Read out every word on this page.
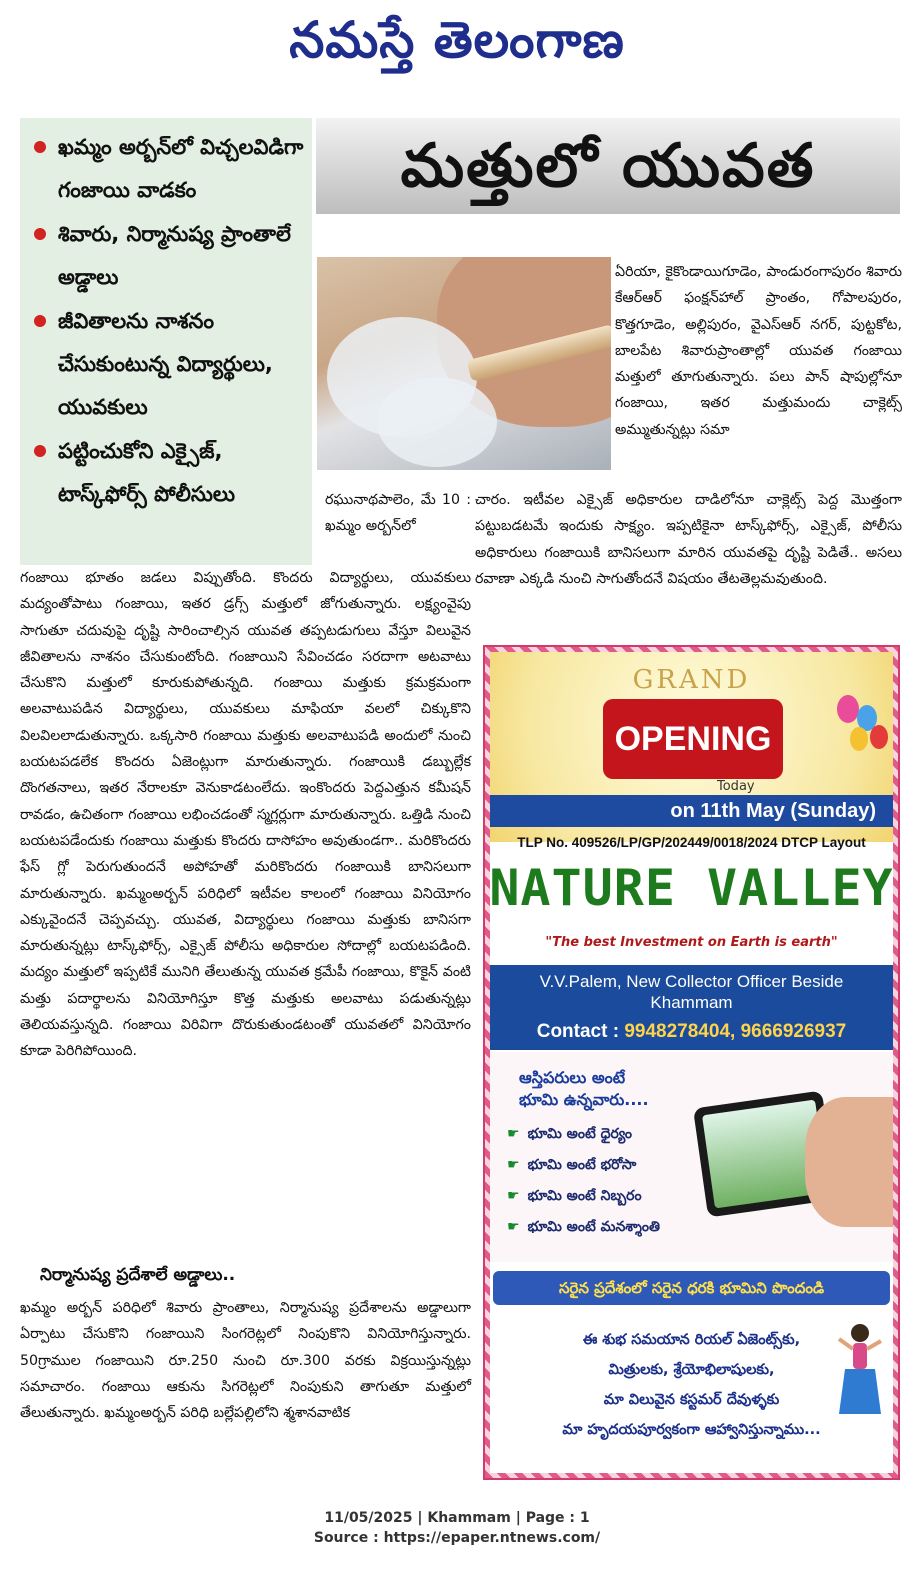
నమస్తే తెలంగాణ
ఖమ్మం అర్బన్‌లో విచ్చలవిడిగా గంజాయి వాడకం
శివారు, నిర్మానుష్య ప్రాంతాలే అడ్డాలు
జీవితాలను నాశనం చేసుకుంటున్న విద్యార్థులు, యువకులు
పట్టించుకోని ఎక్సైజ్, టాస్క్‌ఫోర్స్ పోలీసులు
మత్తులో యువత
ఏరియా, కైకొండాయిగూడెం, పాండురంగాపురం శివారు కేఆర్‌ఆర్ ఫంక్షన్‌హాల్ ప్రాంతం, గోపాలపురం, కొత్తగూడెం, అల్లిపురం, వైఎస్‌ఆర్ నగర్, పుట్టకోట, బాలపేట శివారుప్రాంతాల్లో యువత గంజాయి మత్తులో తూగుతున్నారు. పలు పాన్ షాపుల్లోనూ గంజాయి, ఇతర మత్తుమందు చాక్లెట్స్ అమ్ముతున్నట్లు సమా
రఘునాథపాలెం, మే 10 : ఖమ్మం అర్బన్‌లో
చారం. ఇటీవల ఎక్సైజ్ అధికారుల దాడిలోనూ చాక్లెట్స్ పెద్ద మొత్తంగా పట్టుబడటమే ఇందుకు సాక్ష్యం. ఇప్పటికైనా టాస్క్‌ఫోర్స్, ఎక్సైజ్, పోలీసు అధికారులు గంజాయికి బానిసలుగా మారిన యువతపై దృష్టి పెడితే.. అసలు రవాణా ఎక్కడి నుంచి సాగుతోందనే విషయం తేటతెల్లమవుతుంది.
గంజాయి భూతం జడలు విప్పుతోంది. కొందరు విద్యార్థులు, యువకులు మద్యంతోపాటు గంజాయి, ఇతర డ్రగ్స్ మత్తులో జోగుతున్నారు. లక్ష్యంవైపు సాగుతూ చదువుపై దృష్టి సారించాల్సిన యువత తప్పటడుగులు వేస్తూ విలువైన జీవితాలను నాశనం చేసుకుంటోంది. గంజాయిని సేవించడం సరదాగా అటవాటు చేసుకొని మత్తులో కూరుకుపోతున్నది. గంజాయి మత్తుకు క్రమక్రమంగా అలవాటుపడిన విద్యార్థులు, యువకులు మాఫియా వలలో చిక్కుకొని విలవిలలాడుతున్నారు. ఒక్కసారి గంజాయి మత్తుకు అలవాటుపడి అందులో నుంచి బయటపడలేక కొందరు ఏజెంట్లుగా మారుతున్నారు. గంజాయికి డబ్బుల్లేక దొంగతనాలు, ఇతర నేరాలకూ వెనుకాడటంలేదు. ఇంకొందరు పెద్దఎత్తున కమీషన్ రావడం, ఉచితంగా గంజాయి లభించడంతో స్మగ్లర్లుగా మారుతున్నారు. ఒత్తిడి నుంచి బయటపడేందుకు గంజాయి మత్తుకు కొందరు దాసోహం అవుతుండగా.. మరికొందరు ఫేస్ గ్లో పెరుగుతుందనే అపోహతో మరికొందరు గంజాయికి బానిసలుగా మారుతున్నారు. ఖమ్మంఅర్బన్ పరిధిలో ఇటీవల కాలంలో గంజాయి వినియోగం ఎక్కువైందనే చెప్పవచ్చు. యువత, విద్యార్థులు గంజాయి మత్తుకు బానిసగా మారుతున్నట్లు టాస్క్‌ఫోర్స్, ఎక్సైజ్ పోలీసు అధికారుల సోదాల్లో బయటపడింది. మద్యం మత్తులో ఇప్పటికే మునిగి తేలుతున్న యువత క్రమేపీ గంజాయి, కొకైన్ వంటి మత్తు పదార్థాలను వినియోగిస్తూ కొత్త మత్తుకు అలవాటు పడుతున్నట్లు తెలియవస్తున్నది. గంజాయి విరివిగా దొరుకుతుండటంతో యువతలో వినియోగం కూడా పెరిగిపోయింది.
నిర్మానుష్య ప్రదేశాలే అడ్డాలు..
ఖమ్మం అర్బన్ పరిధిలో శివారు ప్రాంతాలు, నిర్మానుష్య ప్రదేశాలను అడ్డాలుగా ఏర్పాటు చేసుకొని గంజాయిని సింగరెట్లలో నింపుకొని వినియోగిస్తున్నారు. 50గ్రాముల గంజాయిని రూ.250 నుంచి రూ.300 వరకు విక్రయిస్తున్నట్లు సమాచారం. గంజాయి ఆకును సిగరెట్లలో నింపుకుని తాగుతూ మత్తులో తేలుతున్నారు. ఖమ్మంఅర్బన్ పరిధి బల్లేపల్లిలోని శ్మశానవాటిక
GRAND
OPENING
Today
on 11th May (Sunday)
TLP No. 409526/LP/GP/202449/0018/2024 DTCP Layout
NATURE VALLEY
"The best Investment on Earth is earth"
V.V.Palem, New Collector Officer Beside
Khammam
Contact : 9948278404, 9666926937
ఆస్తిపరులు అంటే
భూమి ఉన్నవారు....
☛ భూమి అంటే ధైర్యం
☛ భూమి అంటే భరోసా
☛ భూమి అంటే నిబ్బరం
☛ భూమి అంటే మనశ్శాంతి
సరైన ప్రదేశంలో సరైన ధరకి భూమిని పొందండి
ఈ శుభ సమయాన రియల్ ఏజెంట్స్‌కు,
మిత్రులకు, శ్రేయోభిలాషులకు,
మా విలువైన కస్టమర్ దేవుళ్ళకు
మా హృదయపూర్వకంగా ఆహ్వానిస్తున్నాము...
11/05/2025 | Khammam | Page : 1
Source : https://epaper.ntnews.com/
